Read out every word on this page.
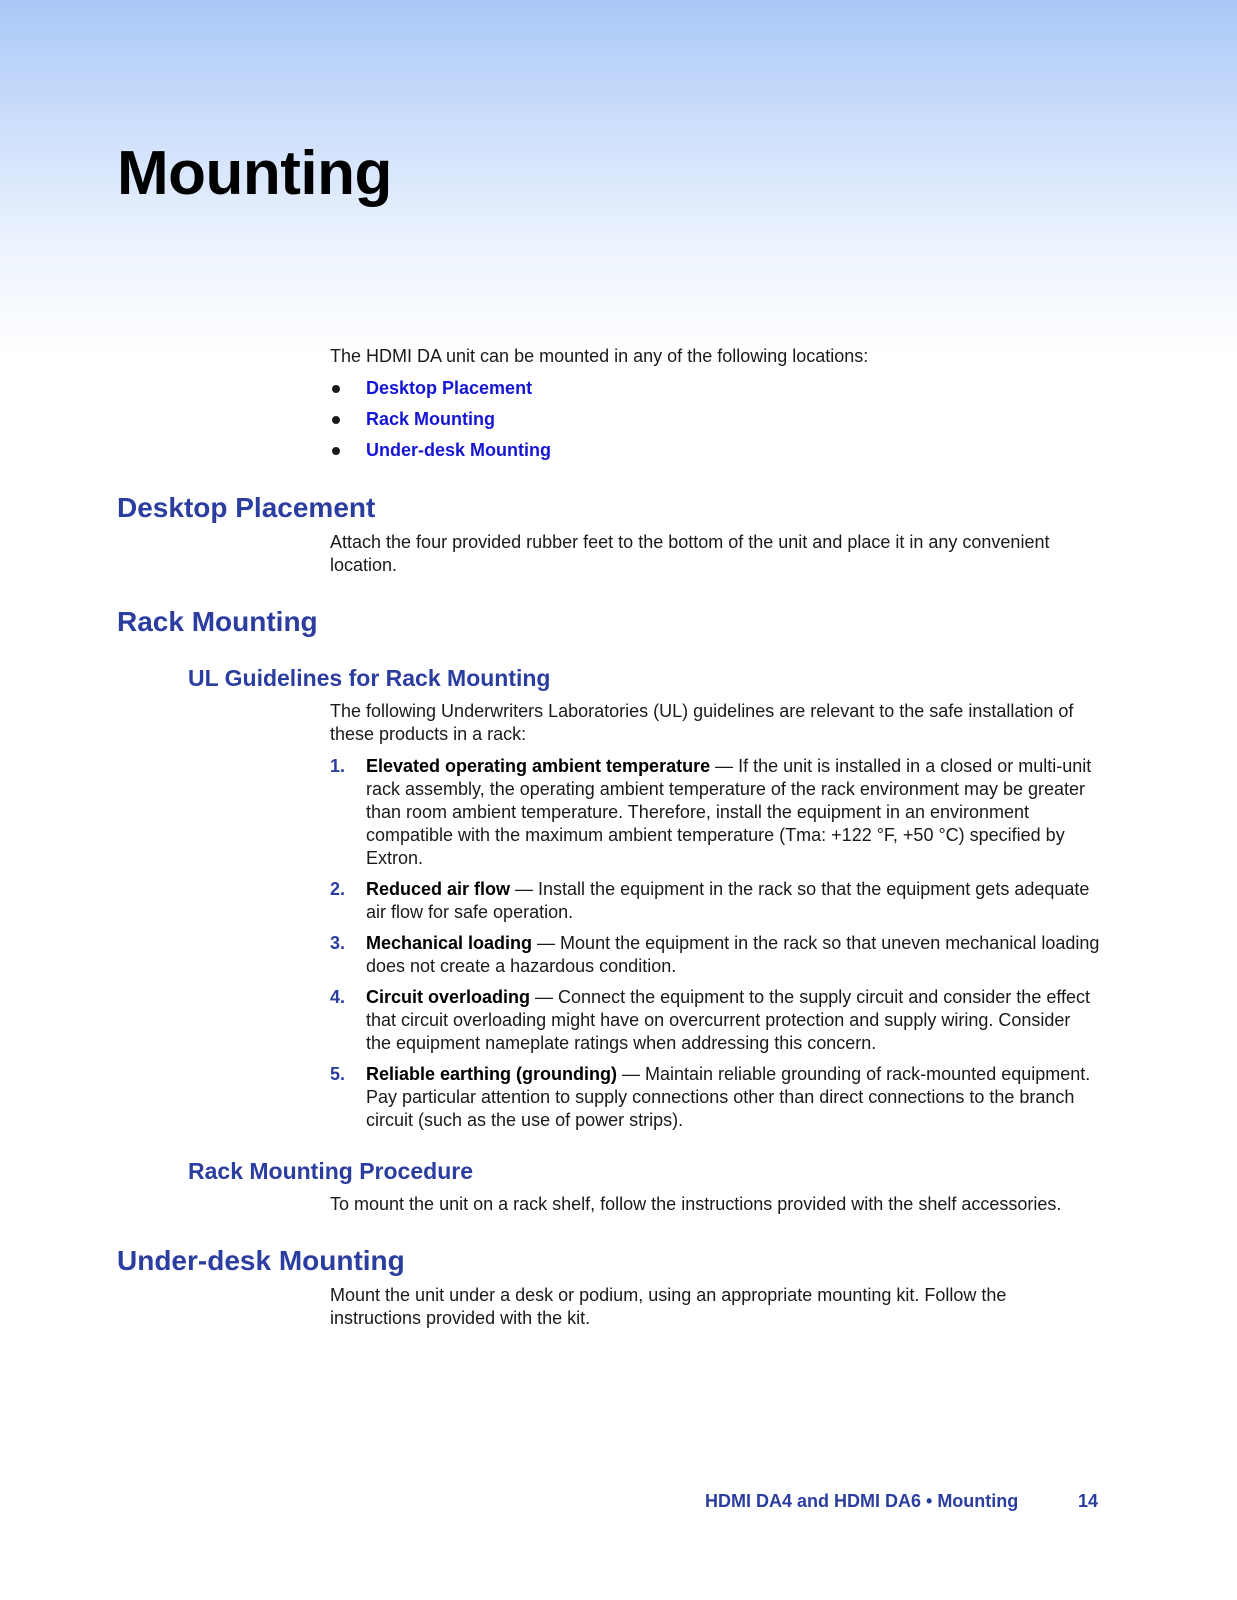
Mounting

The HDMI DA unit can be mounted in any of the following locations:

Desktop Placement
Rack Mounting
Under-desk Mounting
Desktop Placement

Attach the four provided rubber feet to the bottom of the unit and place it in any convenient location.

Rack Mounting
UL Guidelines for Rack Mounting

The following Underwriters Laboratories (UL) guidelines are relevant to the safe installation of these products in a rack:

1. Elevated operating ambient temperature — If the unit is installed in a closed or multi-unit rack assembly, the operating ambient temperature of the rack environment may be greater than room ambient temperature. Therefore, install the equipment in an environment compatible with the maximum ambient temperature (Tma: +122 °F, +50 °C) specified by Extron.
2. Reduced air flow — Install the equipment in the rack so that the equipment gets adequate air flow for safe operation.
3. Mechanical loading — Mount the equipment in the rack so that uneven mechanical loading does not create a hazardous condition.
4. Circuit overloading — Connect the equipment to the supply circuit and consider the effect that circuit overloading might have on overcurrent protection and supply wiring. Consider the equipment nameplate ratings when addressing this concern.
5. Reliable earthing (grounding) — Maintain reliable grounding of rack-mounted equipment. Pay particular attention to supply connections other than direct connections to the branch circuit (such as the use of power strips).
Rack Mounting Procedure

To mount the unit on a rack shelf, follow the instructions provided with the shelf accessories.

Under-desk Mounting

Mount the unit under a desk or podium, using an appropriate mounting kit. Follow the instructions provided with the kit.

HDMI DA4 and HDMI DA6 • Mounting	14
